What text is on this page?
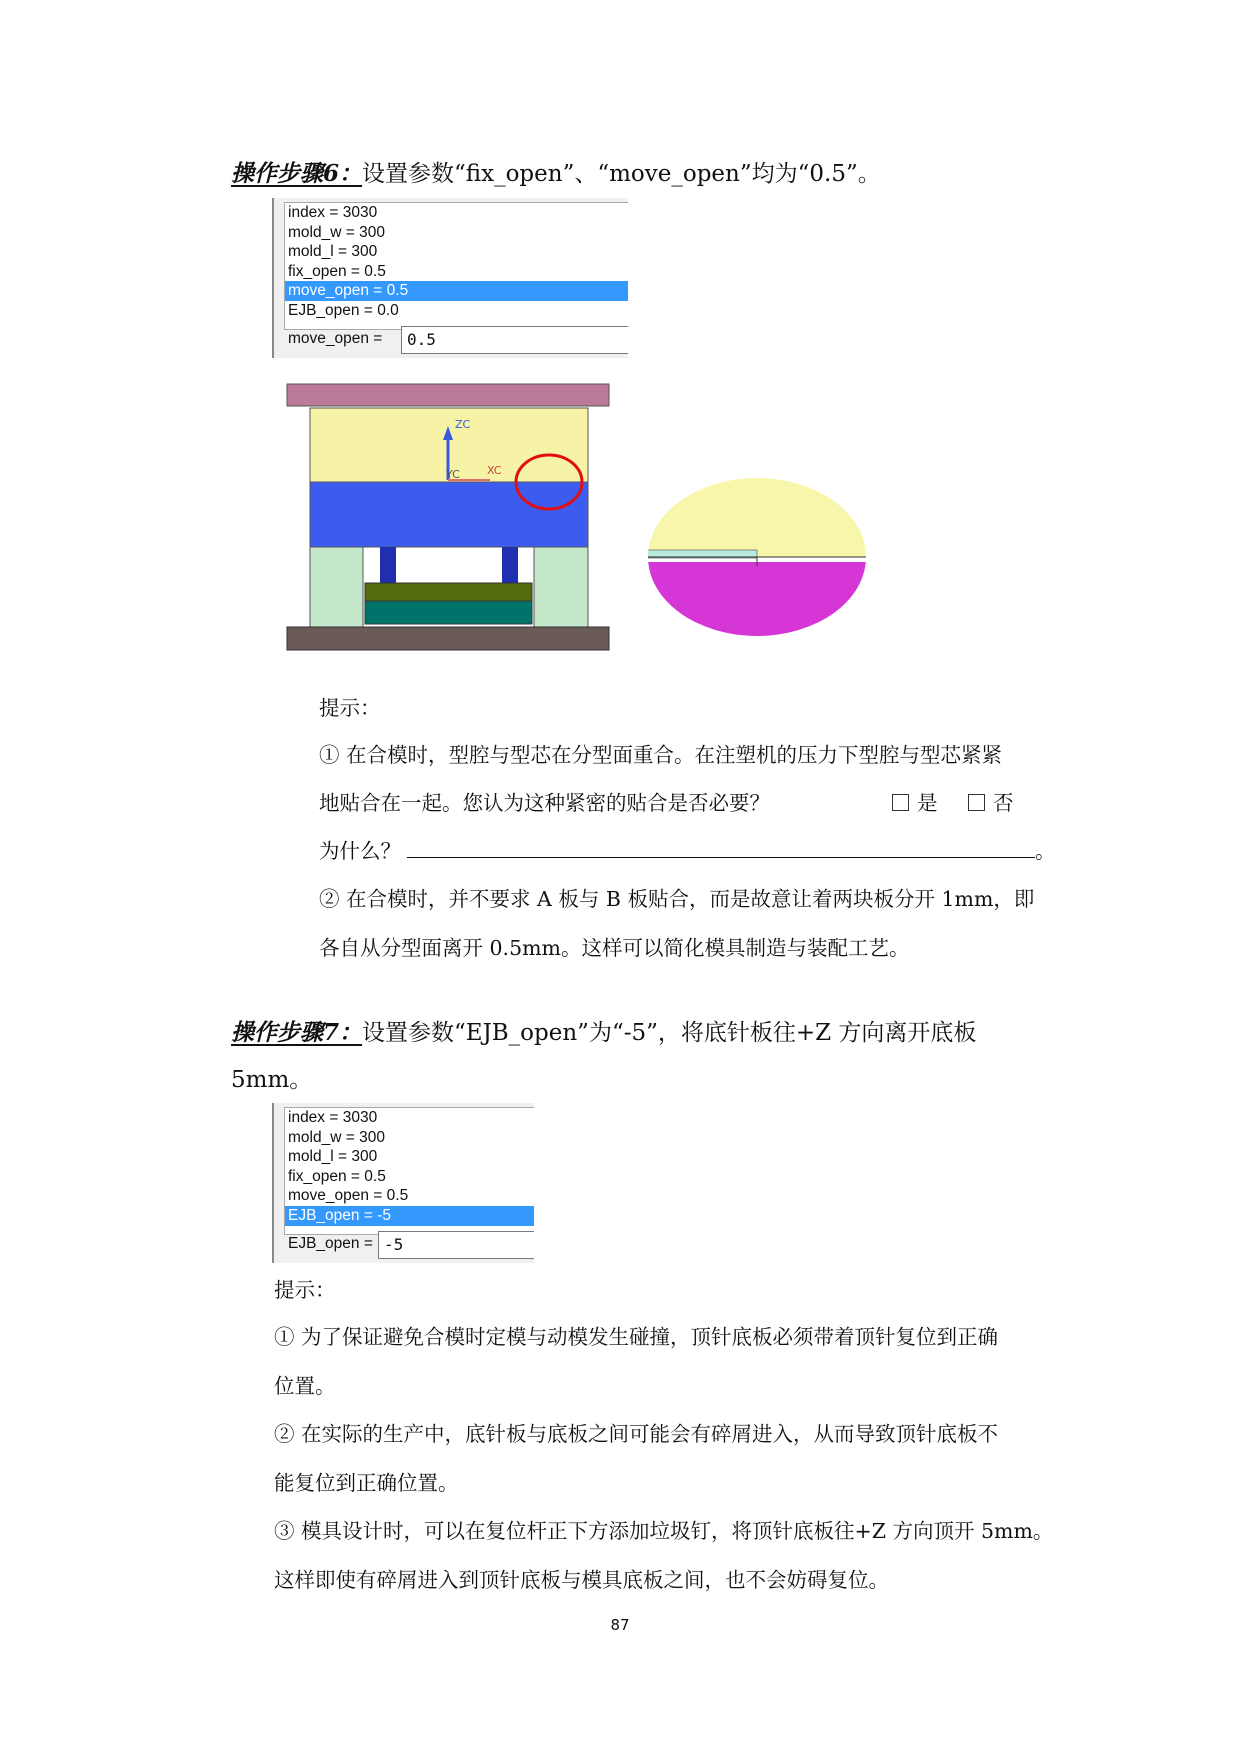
操作步骤6：设置参数“fix_open”、“move_open”均为“0.5”。
index = 3030
mold_w = 300
mold_l = 300
fix_open = 0.5
move_open = 0.5
EJB_open = 0.0
move_open =	0.5
ZC
YC XC
提示：
① 在合模时，型腔与型芯在分型面重合。在注塑机的压力下型腔与型芯紧紧
地贴合在一起。您认为这种紧密的贴合是否必要？	是	否
为什么？	。
② 在合模时，并不要求 A 板与 B 板贴合，而是故意让着两块板分开 1mm，即
各自从分型面离开 0.5mm。这样可以简化模具制造与装配工艺。
操作步骤7：设置参数“EJB_open”为“-5”，将底针板往+Z 方向离开底板
5mm。
index = 3030
mold_w = 300
mold_l = 300
fix_open = 0.5
move_open = 0.5
EJB_open = -5
EJB_open = -5
提示：
① 为了保证避免合模时定模与动模发生碰撞，顶针底板必须带着顶针复位到正确
位置。
② 在实际的生产中，底针板与底板之间可能会有碎屑进入，从而导致顶针底板不
能复位到正确位置。
③ 模具设计时，可以在复位杆正下方添加垃圾钉，将顶针底板往+Z 方向顶开 5mm。
这样即使有碎屑进入到顶针底板与模具底板之间，也不会妨碍复位。
87
